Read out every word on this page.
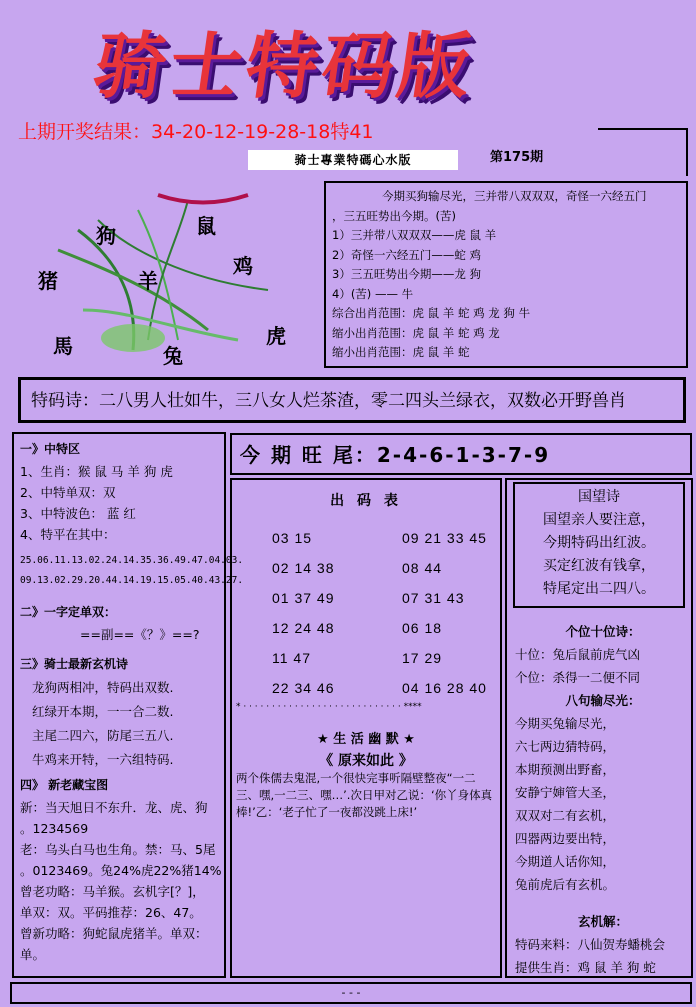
骑士特码版
上期开奖结果：34-20-12-19-28-18特41
骑士專業特碼心水版	第175期
狗	鼠
鸡
猪	羊
馬	兔
虎
今期买狗输尽光，三并带八双双双，奇怪一六经五门
，三五旺势出今期。(苦)
1）三并带八双双双——虎 鼠 羊
2）奇怪一六经五门——蛇 鸡
3）三五旺势出今期——龙 狗
4）(苦) —— 牛
综合出肖范围：虎 鼠 羊 蛇 鸡 龙 狗 牛
缩小出肖范围：虎 鼠 羊 蛇 鸡 龙
缩小出肖范围：虎 鼠 羊 蛇
特码诗：二八男人壮如牛，三八女人烂茶渣，零二四头兰绿衣，双数必开野兽肖
一》中特区
1、生肖：猴 鼠 马 羊 狗 虎
2、中特单双：双
3、中特波色： 蓝 红
4、特平在其中：
25.06.11.13.02.24.14.35.36.49.47.04.03.
09.13.02.29.20.44.14.19.15.05.40.43.27.
二》一字定单双：
==副==《？》==?
三》骑士最新玄机诗
龙狗两相冲，特码出双数.
红绿开本期，一一合二数.
主尾二四六，防尾三五八.
牛鸡来开特，一六组特码.
四》 新老藏宝图
新：当天旭日不东升．龙、虎、狗
。1234569
老：乌头白马也生角。禁：马、5尾
。0123469。兔24%虎22%猪14%
曾老功略：马羊猴。玄机字[？]，
单双：双。平码推荐：26、47。
曾新功略：狗蛇鼠虎猪羊。单双：
单。
今 期 旺 尾：2-4-6-1-3-7-9
出 码 表
03 15	09 21 33 45
02 14 38	08 44
01 37 49	07 31 43
12 24 48	06 18
11 47	17 29
22 34 46	04 16 28 40
* · · · · · · · · · · · · · · · · · · · · · · · · · · · · ****
★ 生 活 幽 默 ★
《 原来如此 》
两个侏儒去鬼混,一个很快完事听隔壁整夜“一二三、嘿,一二三、嘿…’.次日甲对乙说：‘你丫身体真棒!’乙：‘老子忙了一夜都没跳上床!’
个位十位诗：
十位：兔后鼠前虎气凶
个位：杀得一二便不同
八句输尽光：
今期买兔输尽光，
六七两边猜特码，
本期预测出野畜，
安静宁婶管大圣，
双双对二有玄机，
四器两边要出特，
今期道人话你知，
兔前虎后有玄机。
玄机解：
特码来料：八仙贺寿蟠桃会
提供生肖：鸡 鼠 羊 狗 蛇
国望诗
国望亲人要注意，
今期特码出红波。
买定红波有钱拿，
特尾定出二四八。
- - -
